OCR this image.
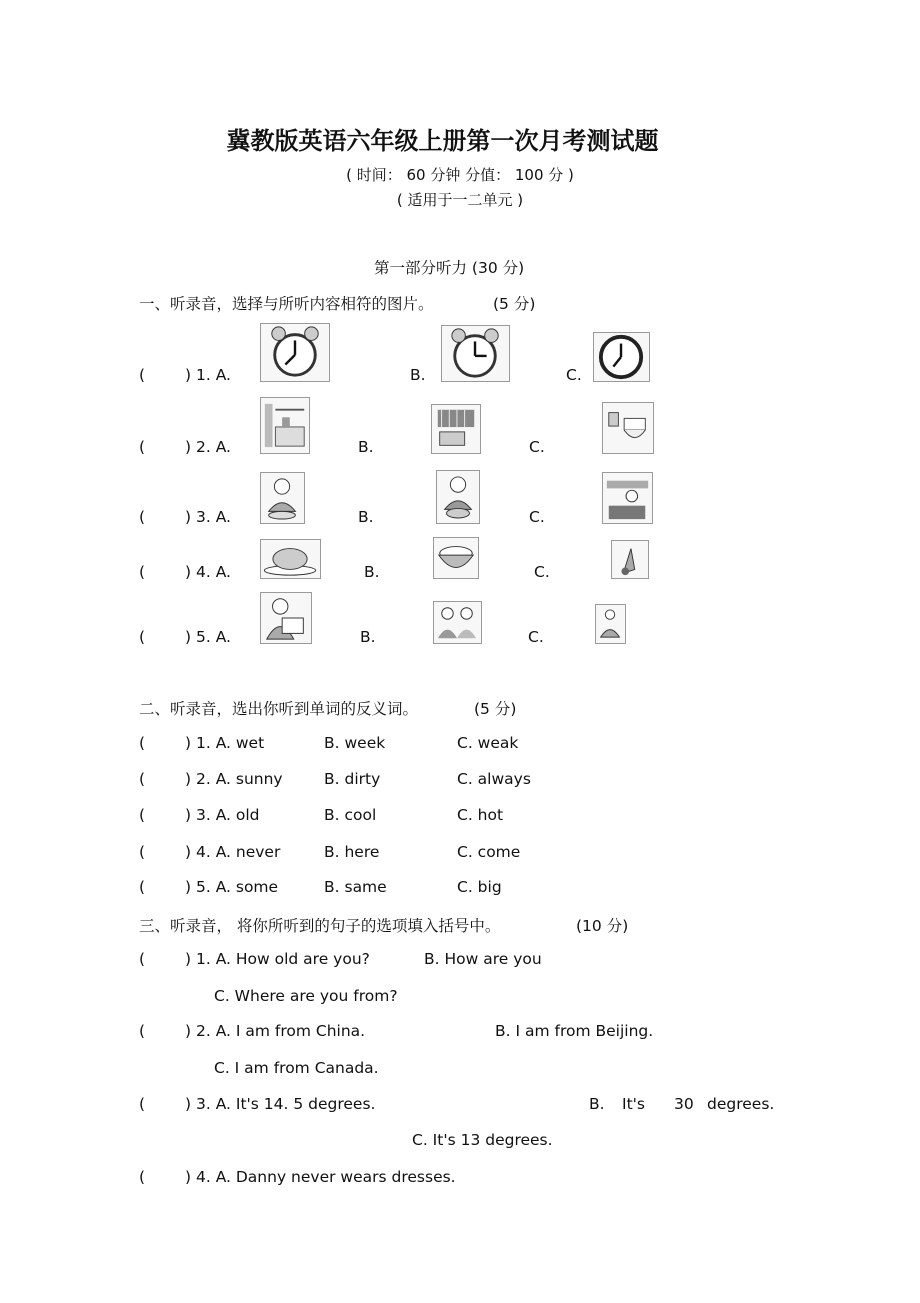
冀教版英语六年级上册第一次月考测试题
( 时间： 60 分钟 分值： 100 分 )
( 适用于一二单元 )
第一部分听力 (30 分)
一、听录音，选择与所听内容相符的图片。	(5 分)
(	) 1. A.	B.	C.
(	) 2. A.	B.	C.
(	) 3. A.	B.	C.
(	) 4. A.	B.	C.
(	) 5. A.	B.	C.
二、听录音，选出你听到单词的反义词。	(5 分)
(	) 1. A. wet	B. week	C. weak
(	) 2. A. sunny	B. dirty	C. always
(	) 3. A. old	B. cool	C. hot
(	) 4. A. never	B. here	C. come
(	) 5. A. some	B. same	C. big
三、听录音， 将你所听到的句子的选项填入括号中。	(10 分)
(	) 1. A. How old are you?	B. How are you
C. Where are you from?
(	) 2. A. I am from China.	B. I am from Beijing.
C. I am from Canada.
(	) 3. A. It's 14. 5 degrees.	B. It's 30 degrees.
C. It's 13 degrees.
(	) 4. A. Danny never wears dresses.
